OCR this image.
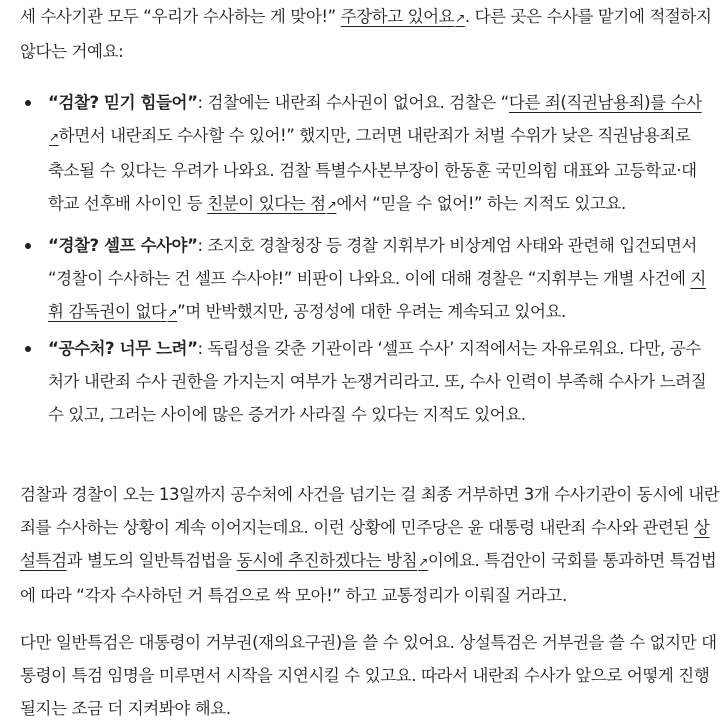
세 수사기관 모두 “우리가 수사하는 게 맞아!” 주장하고 있어요↗. 다른 곳은 수사를 맡기에 적절하지 않다는 거예요:

“검찰? 믿기 힘들어”: 검찰에는 내란죄 수사권이 없어요. 검찰은 “다른 죄(직권남용죄)를 수사↗하면서 내란죄도 수사할 수 있어!” 했지만, 그러면 내란죄가 처벌 수위가 낮은 직권남용죄로 축소될 수 있다는 우려가 나와요. 검찰 특별수사본부장이 한동훈 국민의힘 대표와 고등학교·대학교 선후배 사이인 등 친분이 있다는 점↗에서 “믿을 수 없어!” 하는 지적도 있고요.
“경찰? 셀프 수사야”: 조지호 경찰청장 등 경찰 지휘부가 비상계엄 사태와 관련해 입건되면서 “경찰이 수사하는 건 셀프 수사야!” 비판이 나와요. 이에 대해 경찰은 “지휘부는 개별 사건에 지휘 감독권이 없다↗”며 반박했지만, 공정성에 대한 우려는 계속되고 있어요.
“공수처? 너무 느려”: 독립성을 갖춘 기관이라 ‘셀프 수사’ 지적에서는 자유로워요. 다만, 공수처가 내란죄 수사 권한을 가지는지 여부가 논쟁거리라고. 또, 수사 인력이 부족해 수사가 느려질 수 있고, 그러는 사이에 많은 증거가 사라질 수 있다는 지적도 있어요.

검찰과 경찰이 오는 13일까지 공수처에 사건을 넘기는 걸 최종 거부하면 3개 수사기관이 동시에 내란죄를 수사하는 상황이 계속 이어지는데요. 이런 상황에 민주당은 윤 대통령 내란죄 수사와 관련된 상설특검과 별도의 일반특검법을 동시에 추진하겠다는 방침↗이에요. 특검안이 국회를 통과하면 특검법에 따라 “각자 수사하던 거 특검으로 싹 모아!” 하고 교통정리가 이뤄질 거라고.

다만 일반특검은 대통령이 거부권(재의요구권)을 쓸 수 있어요. 상설특검은 거부권을 쓸 수 없지만 대통령이 특검 임명을 미루면서 시작을 지연시킬 수 있고요. 따라서 내란죄 수사가 앞으로 어떻게 진행될지는 조금 더 지켜봐야 해요.
